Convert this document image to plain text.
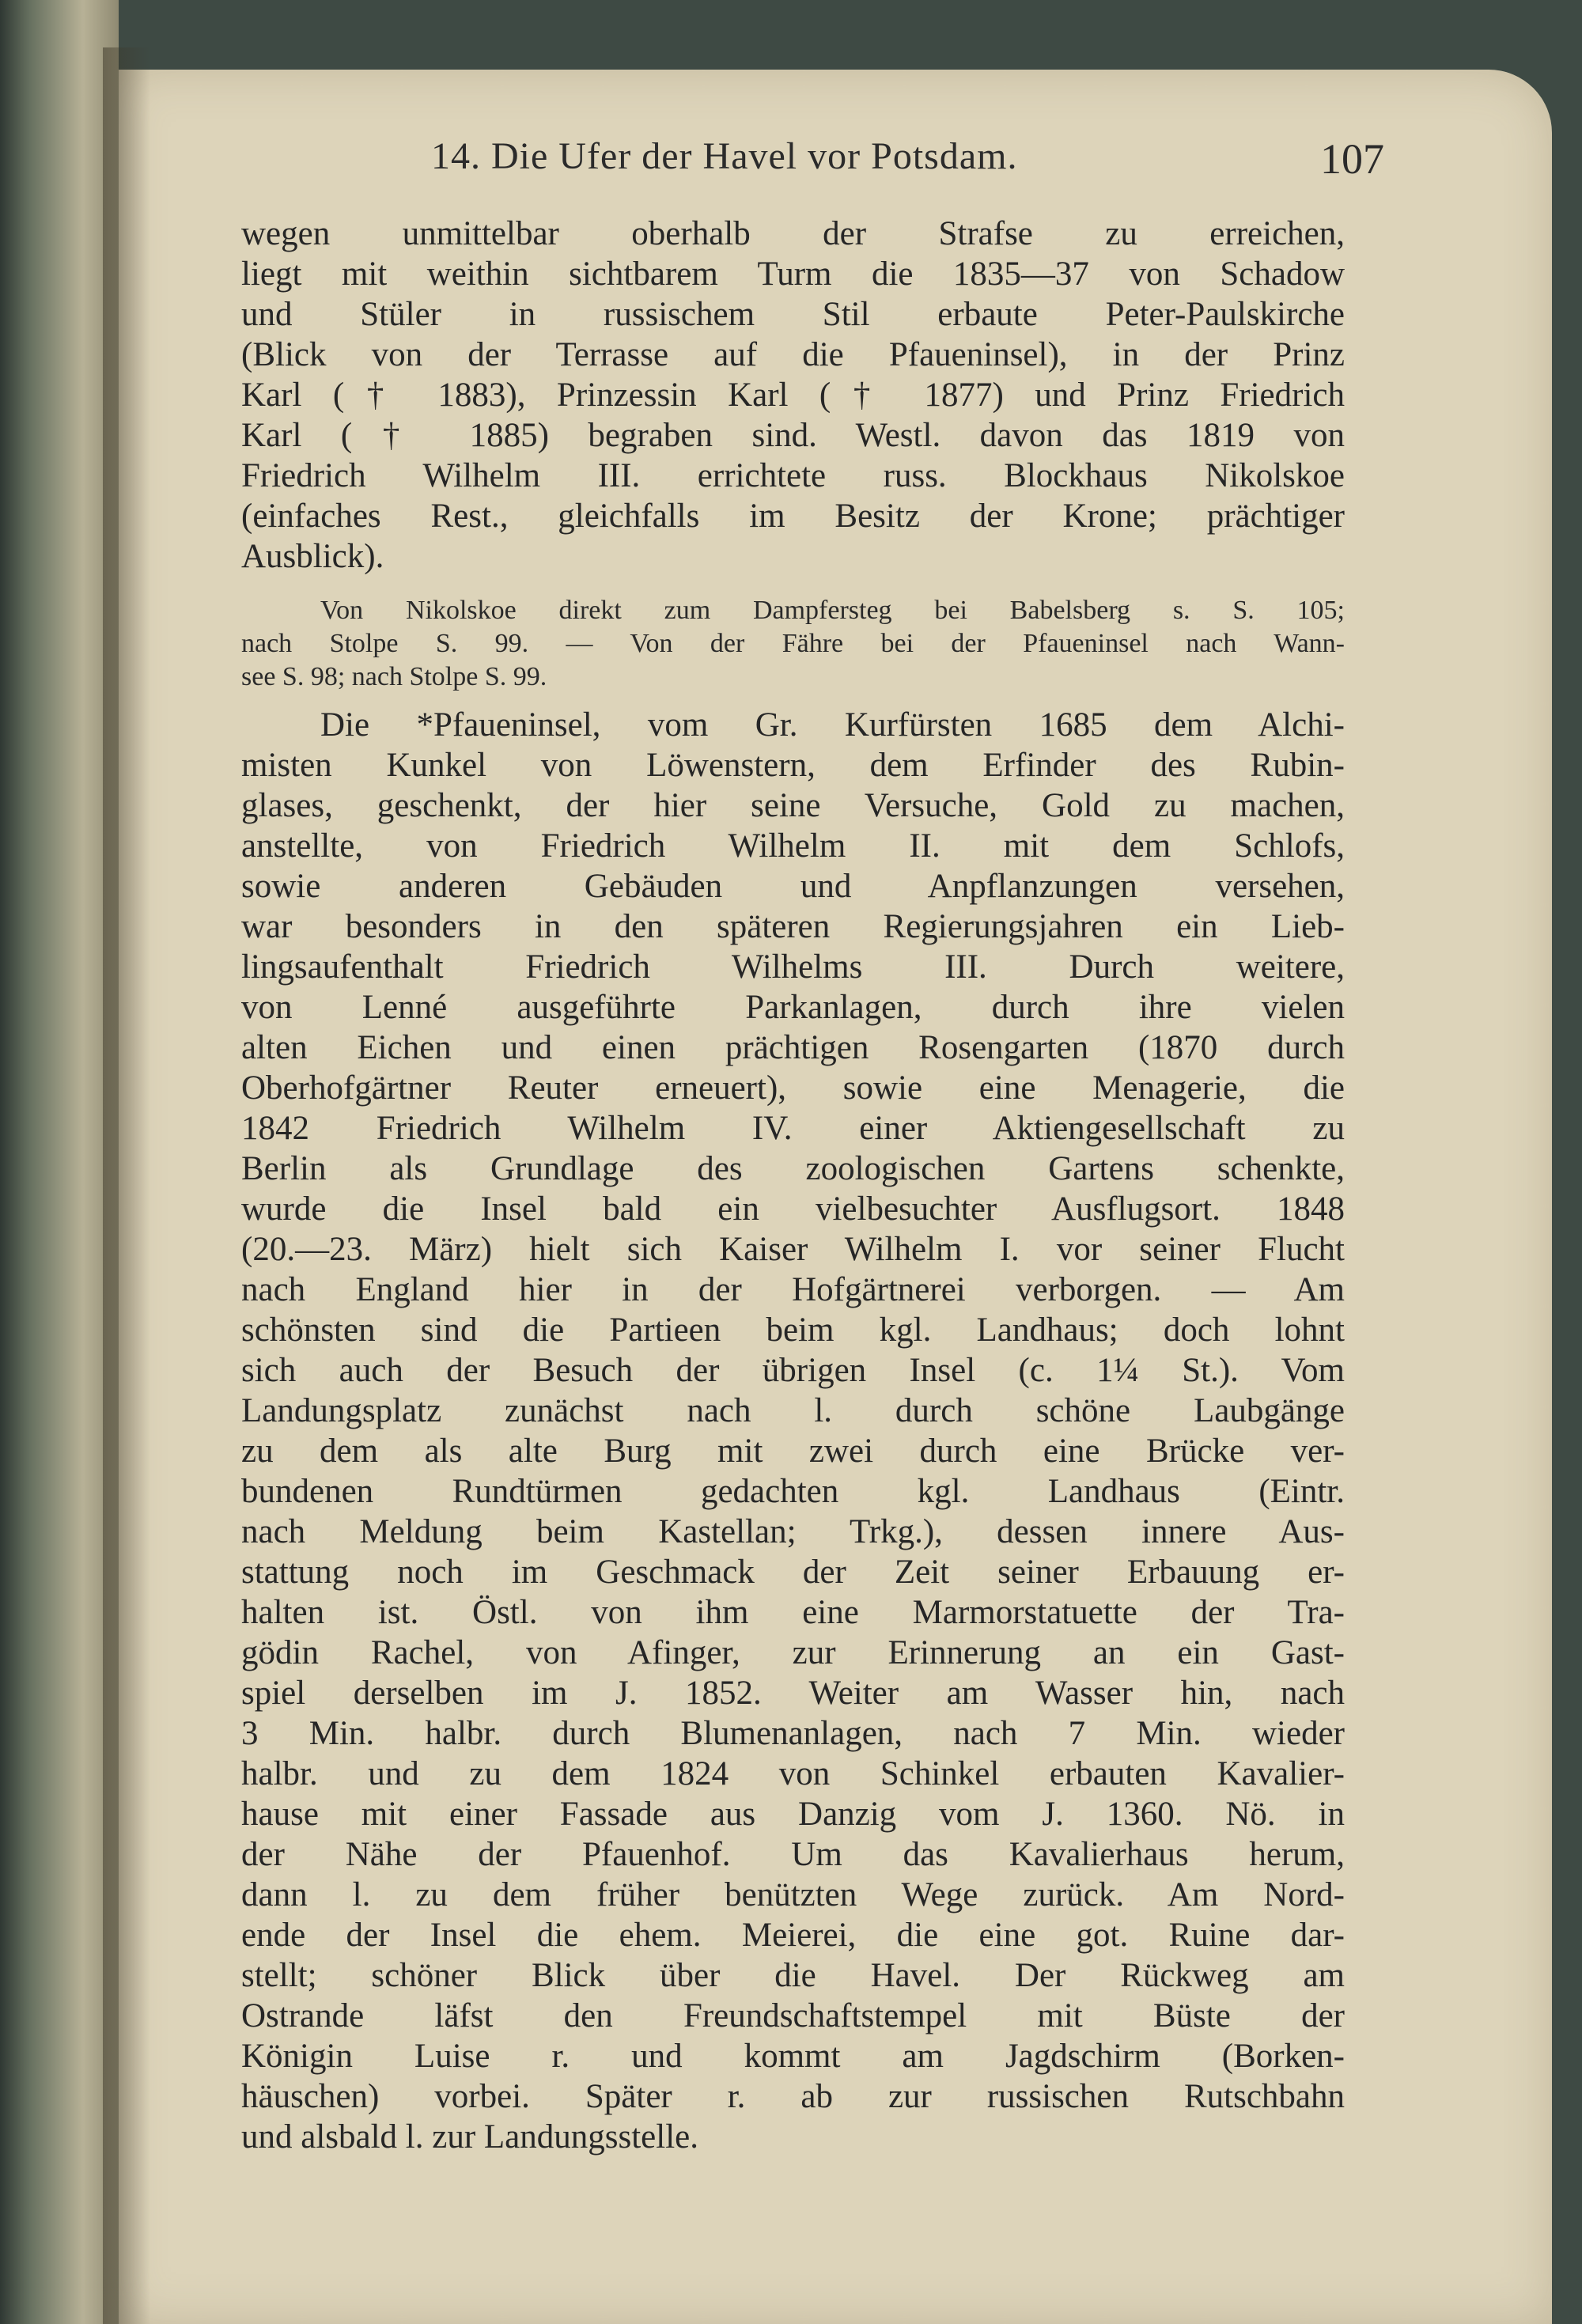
14. Die Ufer der Havel vor Potsdam.	107
wegen unmittelbar oberhalb der Strafse zu erreichen,
liegt mit weithin sichtbarem Turm die 1835—37 von Schadow
und Stüler in russischem Stil erbaute Peter-Paulskirche
(Blick von der Terrasse auf die Pfaueninsel), in der Prinz
Karl († 1883), Prinzessin Karl († 1877) und Prinz Friedrich
Karl († 1885) begraben sind. Westl. davon das 1819 von
Friedrich Wilhelm III. errichtete russ. Blockhaus Nikolskoe
(einfaches Rest., gleichfalls im Besitz der Krone; prächtiger
Ausblick).
Von Nikolskoe direkt zum Dampfersteg bei Babelsberg s. S. 105;
nach Stolpe S. 99. — Von der Fähre bei der Pfaueninsel nach Wann-
see S. 98; nach Stolpe S. 99.
Die *Pfaueninsel, vom Gr. Kurfürsten 1685 dem Alchi-
misten Kunkel von Löwenstern, dem Erfinder des Rubin-
glases, geschenkt, der hier seine Versuche, Gold zu machen,
anstellte, von Friedrich Wilhelm II. mit dem Schlofs,
sowie anderen Gebäuden und Anpflanzungen versehen,
war besonders in den späteren Regierungsjahren ein Lieb-
lingsaufenthalt Friedrich Wilhelms III. Durch weitere,
von Lenné ausgeführte Parkanlagen, durch ihre vielen
alten Eichen und einen prächtigen Rosengarten (1870 durch
Oberhofgärtner Reuter erneuert), sowie eine Menagerie, die
1842 Friedrich Wilhelm IV. einer Aktiengesellschaft zu
Berlin als Grundlage des zoologischen Gartens schenkte,
wurde die Insel bald ein vielbesuchter Ausflugsort. 1848
(20.—23. März) hielt sich Kaiser Wilhelm I. vor seiner Flucht
nach England hier in der Hofgärtnerei verborgen. — Am
schönsten sind die Partieen beim kgl. Landhaus; doch lohnt
sich auch der Besuch der übrigen Insel (c. 1¼ St.). Vom
Landungsplatz zunächst nach l. durch schöne Laubgänge
zu dem als alte Burg mit zwei durch eine Brücke ver-
bundenen Rundtürmen gedachten kgl. Landhaus (Eintr.
nach Meldung beim Kastellan; Trkg.), dessen innere Aus-
stattung noch im Geschmack der Zeit seiner Erbauung er-
halten ist. Östl. von ihm eine Marmorstatuette der Tra-
gödin Rachel, von Afinger, zur Erinnerung an ein Gast-
spiel derselben im J. 1852. Weiter am Wasser hin, nach
3 Min. halbr. durch Blumenanlagen, nach 7 Min. wieder
halbr. und zu dem 1824 von Schinkel erbauten Kavalier-
hause mit einer Fassade aus Danzig vom J. 1360. Nö. in
der Nähe der Pfauenhof. Um das Kavalierhaus herum,
dann l. zu dem früher benützten Wege zurück. Am Nord-
ende der Insel die ehem. Meierei, die eine got. Ruine dar-
stellt; schöner Blick über die Havel. Der Rückweg am
Ostrande läfst den Freundschaftstempel mit Büste der
Königin Luise r. und kommt am Jagdschirm (Borken-
häuschen) vorbei. Später r. ab zur russischen Rutschbahn
und alsbald l. zur Landungsstelle.
